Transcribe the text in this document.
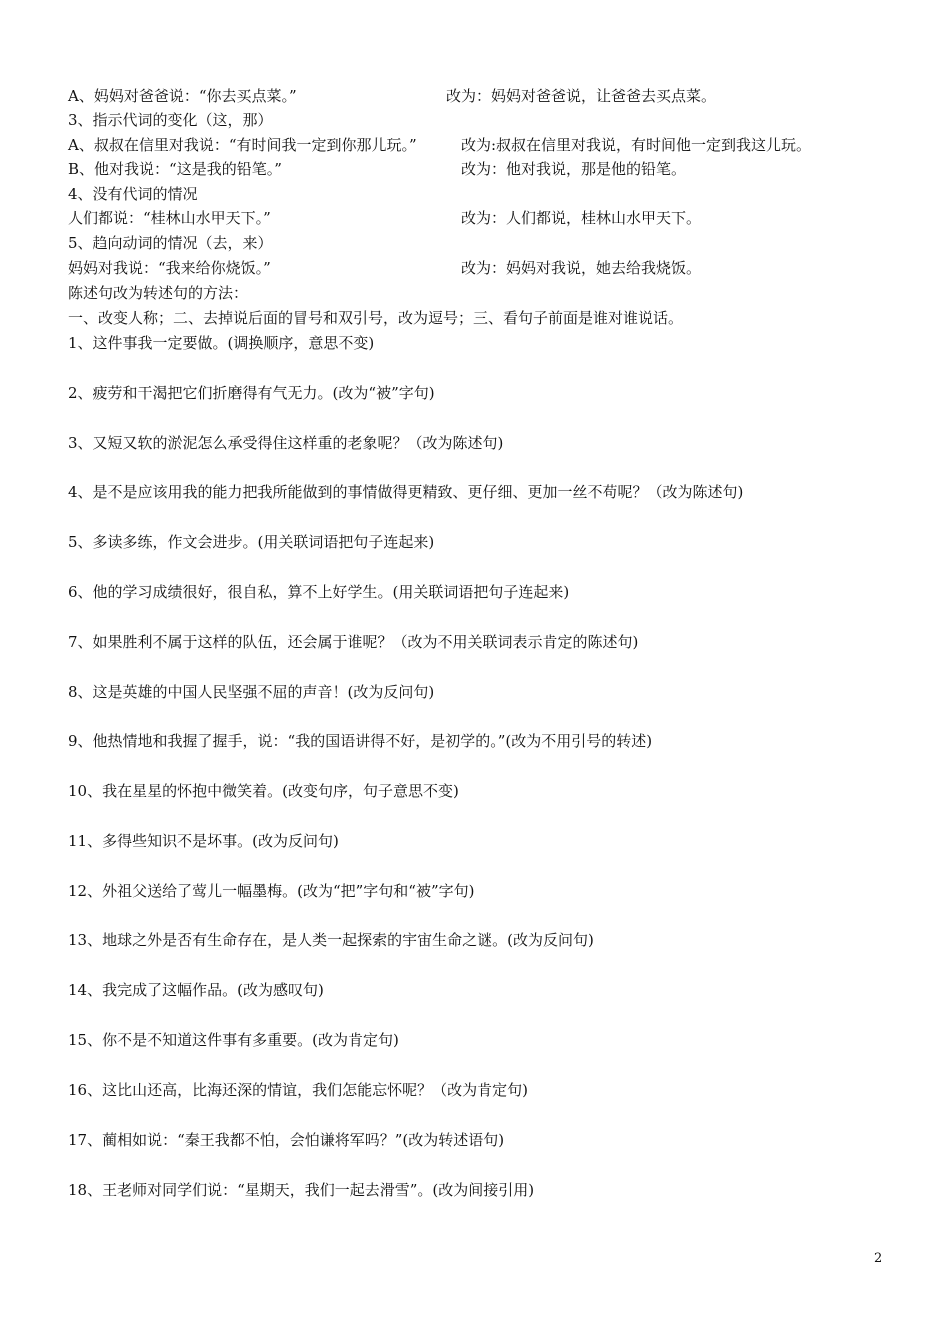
A、妈妈对爸爸说：“你去买点菜。”	改为：妈妈对爸爸说，让爸爸去买点菜。
3、指示代词的变化（这，那）
A、叔叔在信里对我说：“有时间我一定到你那儿玩。”	改为:叔叔在信里对我说，有时间他一定到我这儿玩。
B、他对我说：“这是我的铅笔。”	改为：他对我说，那是他的铅笔。
4、没有代词的情况
人们都说：“桂林山水甲天下。”	改为：人们都说，桂林山水甲天下。
5、趋向动词的情况（去，来）
妈妈对我说：“我来给你烧饭。”	改为：妈妈对我说，她去给我烧饭。
陈述句改为转述句的方法：
一、改变人称；二、去掉说后面的冒号和双引号，改为逗号；三、看句子前面是谁对谁说话。
1、这件事我一定要做。(调换顺序，意思不变)
2、疲劳和干渴把它们折磨得有气无力。(改为“被”字句)
3、又短又软的淤泥怎么承受得住这样重的老象呢？（改为陈述句)
4、是不是应该用我的能力把我所能做到的事情做得更精致、更仔细、更加一丝不苟呢？（改为陈述句)
5、多读多练，作文会进步。(用关联词语把句子连起来)
6、他的学习成绩很好，很自私，算不上好学生。(用关联词语把句子连起来)
7、如果胜利不属于这样的队伍，还会属于谁呢？（改为不用关联词表示肯定的陈述句)
8、这是英雄的中国人民坚强不屈的声音！(改为反问句)
9、他热情地和我握了握手，说：“我的国语讲得不好，是初学的。”(改为不用引号的转述)
10、我在星星的怀抱中微笑着。(改变句序，句子意思不变)
11、多得些知识不是坏事。(改为反问句)
12、外祖父送给了莺儿一幅墨梅。(改为“把”字句和“被”字句)
13、地球之外是否有生命存在，是人类一起探索的宇宙生命之谜。(改为反问句)
14、我完成了这幅作品。(改为感叹句)
15、你不是不知道这件事有多重要。(改为肯定句)
16、这比山还高，比海还深的情谊，我们怎能忘怀呢？（改为肯定句)
17、蔺相如说：“秦王我都不怕，会怕谦将军吗？”(改为转述语句)
18、王老师对同学们说：“星期天，我们一起去滑雪”。(改为间接引用)
2
